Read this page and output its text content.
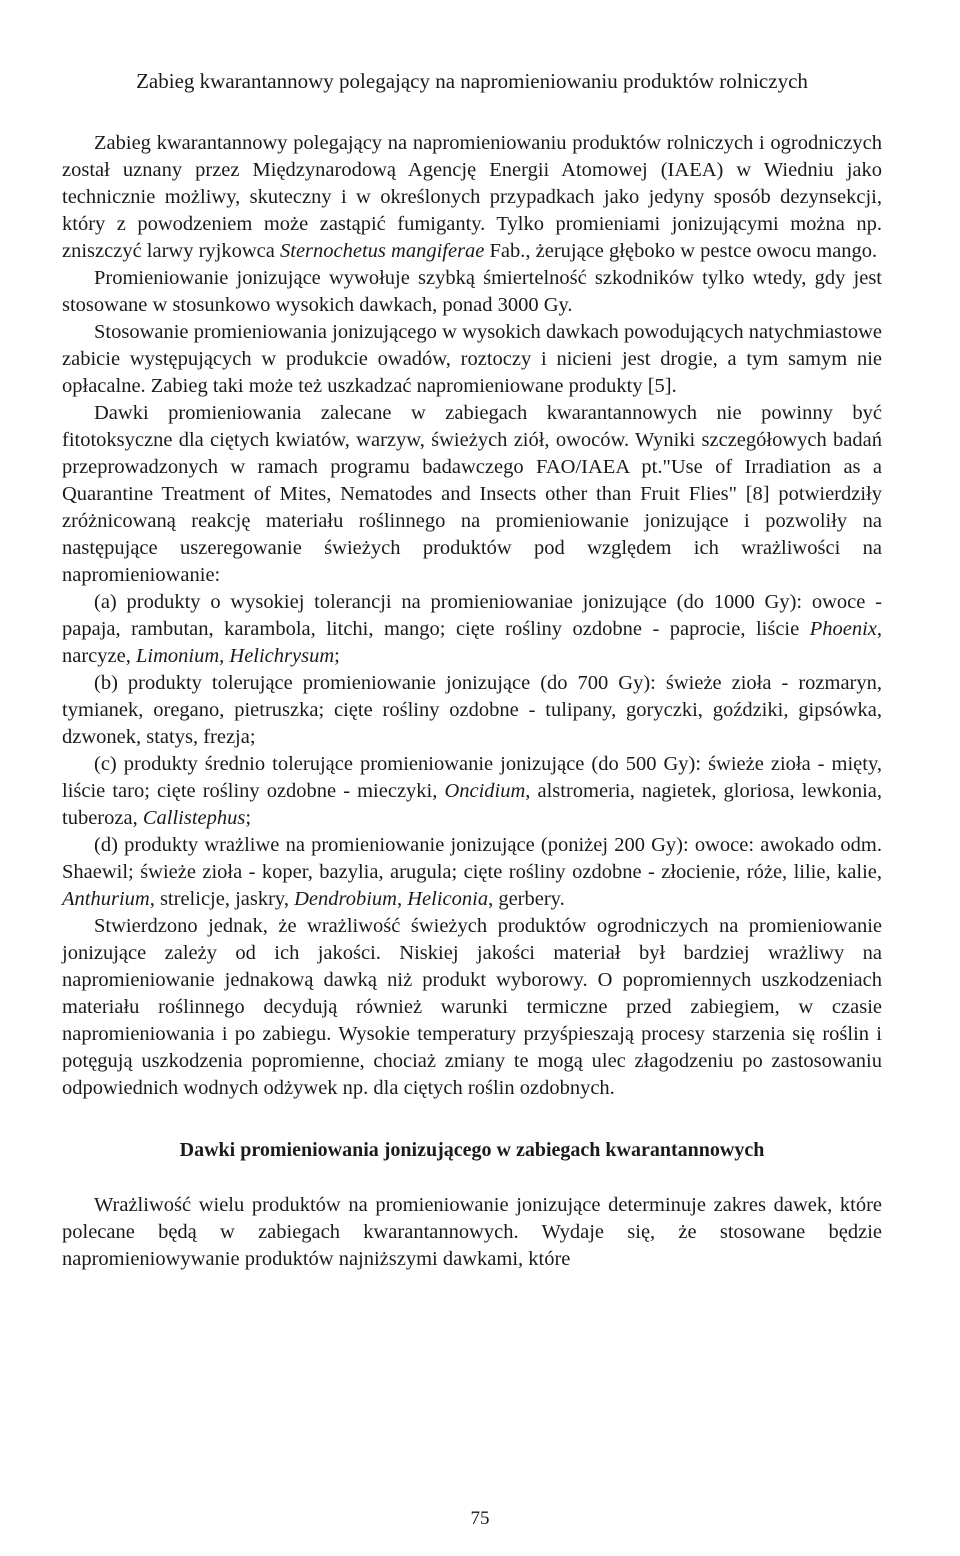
Zabieg kwarantannowy polegający na napromieniowaniu produktów rolniczych

Zabieg kwarantannowy polegający na napromieniowaniu produktów rolniczych i ogrodniczych został uznany przez Międzynarodową Agencję Energii Atomowej (IAEA) w Wiedniu jako technicznie możliwy, skuteczny i w określonych przypadkach jako jedyny sposób dezynsekcji, który z powodzeniem może zastąpić fumiganty. Tylko promieniami jonizującymi można np. zniszczyć larwy ryjkowca Sternochetus mangiferae Fab., żerujące głęboko w pestce owocu mango.

Promieniowanie jonizujące wywołuje szybką śmiertelność szkodników tylko wtedy, gdy jest stosowane w stosunkowo wysokich dawkach, ponad 3000 Gy.

Stosowanie promieniowania jonizującego w wysokich dawkach powodujących natychmiastowe zabicie występujących w produkcie owadów, roztoczy i nicieni jest drogie, a tym samym nie opłacalne. Zabieg taki może też uszkadzać napromieniowane produkty [5].

Dawki promieniowania zalecane w zabiegach kwarantannowych nie powinny być fitotoksyczne dla ciętych kwiatów, warzyw, świeżych ziół, owoców. Wyniki szczegółowych badań przeprowadzonych w ramach programu badawczego FAO/IAEA pt."Use of Irradiation as a Quarantine Treatment of Mites, Nematodes and Insects other than Fruit Flies" [8] potwierdziły zróżnicowaną reakcję materiału roślinnego na promieniowanie jonizujące i pozwoliły na następujące uszeregowanie świeżych produktów pod względem ich wrażliwości na napromieniowanie:

(a) produkty o wysokiej tolerancji na promieniowaniae jonizujące (do 1000 Gy): owoce - papaja, rambutan, karambola, litchi, mango; cięte rośliny ozdobne - paprocie, liście Phoenix, narcyze, Limonium, Helichrysum;

(b) produkty tolerujące promieniowanie jonizujące (do 700 Gy): świeże zioła - rozmaryn, tymianek, oregano, pietruszka; cięte rośliny ozdobne - tulipany, goryczki, goździki, gipsówka, dzwonek, statys, frezja;

(c) produkty średnio tolerujące promieniowanie jonizujące (do 500 Gy): świeże zioła - mięty, liście taro; cięte rośliny ozdobne - mieczyki, Oncidium, alstromeria, nagietek, gloriosa, lewkonia, tuberoza, Callistephus;

(d) produkty wrażliwe na promieniowanie jonizujące (poniżej 200 Gy): owoce: awokado odm. Shaewil; świeże zioła - koper, bazylia, arugula; cięte rośliny ozdobne - złocienie, róże, lilie, kalie, Anthurium, strelicje, jaskry, Dendrobium, Heliconia, gerbery.

Stwierdzono jednak, że wrażliwość świeżych produktów ogrodniczych na promieniowanie jonizujące zależy od ich jakości. Niskiej jakości materiał był bardziej wrażliwy na napromieniowanie jednakową dawką niż produkt wyborowy. O popromiennych uszkodzeniach materiału roślinnego decydują również warunki termiczne przed zabiegiem, w czasie napromieniowania i po zabiegu. Wysokie temperatury przyśpieszają procesy starzenia się roślin i potęgują uszkodzenia popromienne, chociaż zmiany te mogą ulec złagodzeniu po zastosowaniu odpowiednich wodnych odżywek np. dla ciętych roślin ozdobnych.

Dawki promieniowania jonizującego w zabiegach kwarantannowych

Wrażliwość wielu produktów na promieniowanie jonizujące determinuje zakres dawek, które polecane będą w zabiegach kwarantannowych. Wydaje się, że stosowane będzie napromieniowywanie produktów najniższymi dawkami, które

75
